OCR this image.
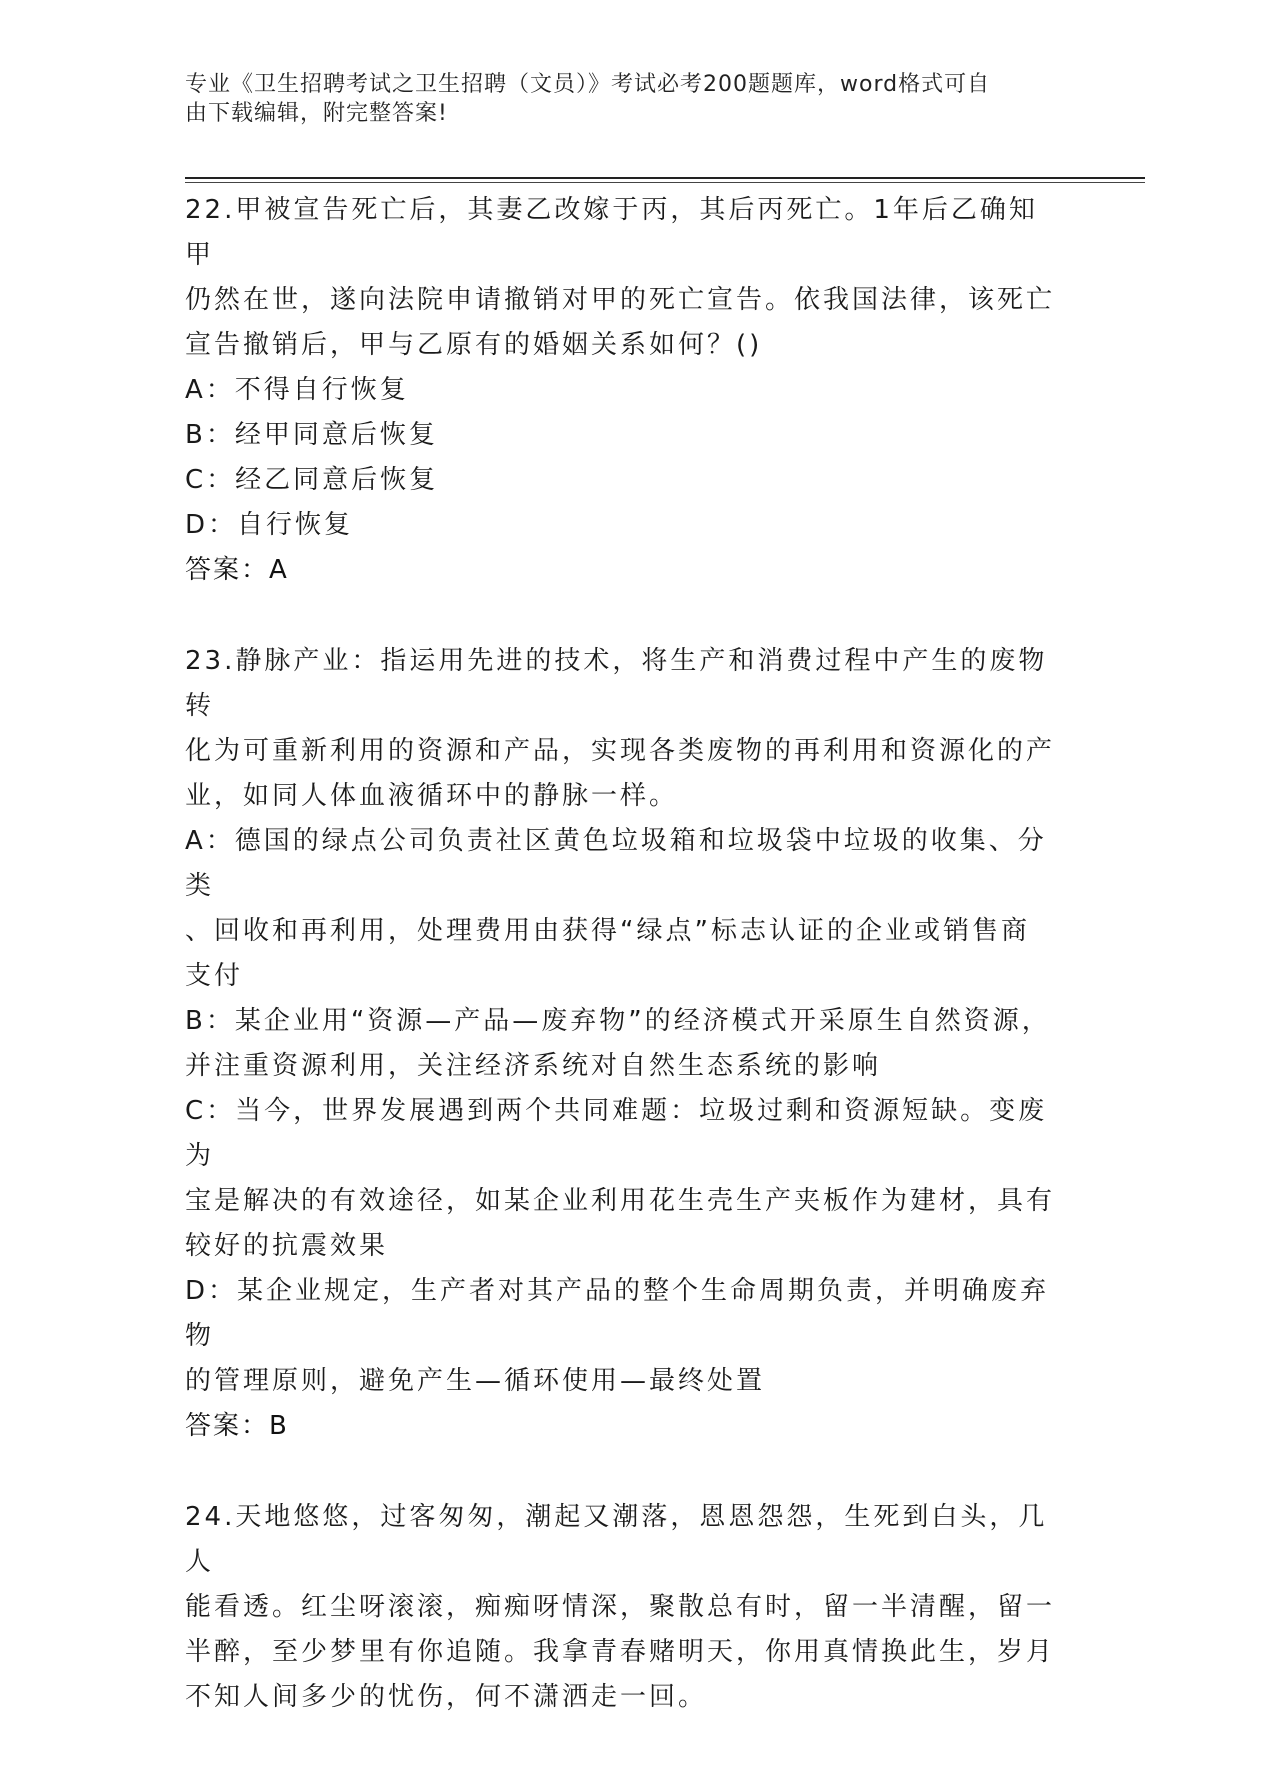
专业《卫生招聘考试之卫生招聘（文员）》考试必考200题题库，word格式可自
由下载编辑，附完整答案!

22.甲被宣告死亡后，其妻乙改嫁于丙，其后丙死亡。1年后乙确知甲

仍然在世，遂向法院申请撤销对甲的死亡宣告。依我国法律，该死亡

宣告撤销后，甲与乙原有的婚姻关系如何？()

A：不得自行恢复

B：经甲同意后恢复

C：经乙同意后恢复

D：自行恢复

答案：A

23.静脉产业：指运用先进的技术，将生产和消费过程中产生的废物转

化为可重新利用的资源和产品，实现各类废物的再利用和资源化的产

业，如同人体血液循环中的静脉一样。

A：德国的绿点公司负责社区黄色垃圾箱和垃圾袋中垃圾的收集、分类

、回收和再利用，处理费用由获得“绿点”标志认证的企业或销售商

支付

B：某企业用“资源—产品—废弃物”的经济模式开采原生自然资源，

并注重资源利用，关注经济系统对自然生态系统的影响

C：当今，世界发展遇到两个共同难题：垃圾过剩和资源短缺。变废为

宝是解决的有效途径，如某企业利用花生壳生产夹板作为建材，具有

较好的抗震效果

D：某企业规定，生产者对其产品的整个生命周期负责，并明确废弃物

的管理原则，避免产生—循环使用—最终处置

答案：B

24.天地悠悠，过客匆匆，潮起又潮落，恩恩怨怨，生死到白头，几人

能看透。红尘呀滚滚，痴痴呀情深，聚散总有时，留一半清醒，留一

半醉，至少梦里有你追随。我拿青春赌明天，你用真情换此生，岁月

不知人间多少的忧伤，何不潇洒走一回。
